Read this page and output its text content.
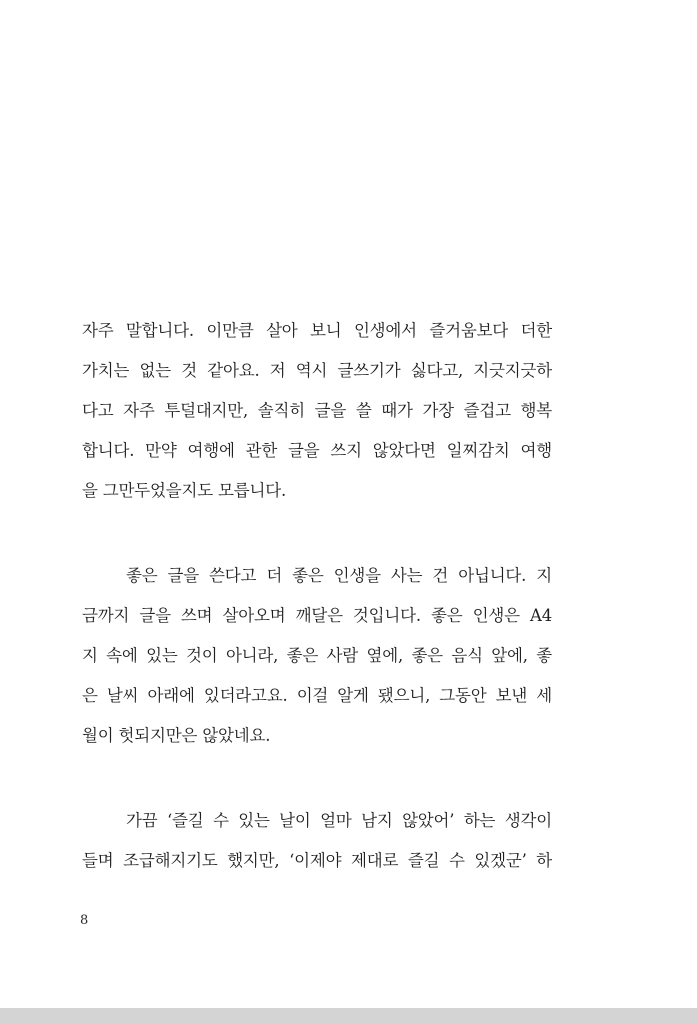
자주 말합니다. 이만큼 살아 보니 인생에서 즐거움보다 더한
가치는 없는 것 같아요. 저 역시 글쓰기가 싫다고, 지긋지긋하
다고 자주 투덜대지만, 솔직히 글을 쓸 때가 가장 즐겁고 행복
합니다. 만약 여행에 관한 글을 쓰지 않았다면 일찌감치 여행
을 그만두었을지도 모릅니다.
좋은 글을 쓴다고 더 좋은 인생을 사는 건 아닙니다. 지
금까지 글을 쓰며 살아오며 깨달은 것입니다. 좋은 인생은 A4
지 속에 있는 것이 아니라, 좋은 사람 옆에, 좋은 음식 앞에, 좋
은 날씨 아래에 있더라고요. 이걸 알게 됐으니, 그동안 보낸 세
월이 헛되지만은 않았네요.
가끔 ‘즐길 수 있는 날이 얼마 남지 않았어’ 하는 생각이
들며 조급해지기도 했지만, ‘이제야 제대로 즐길 수 있겠군’ 하
8
